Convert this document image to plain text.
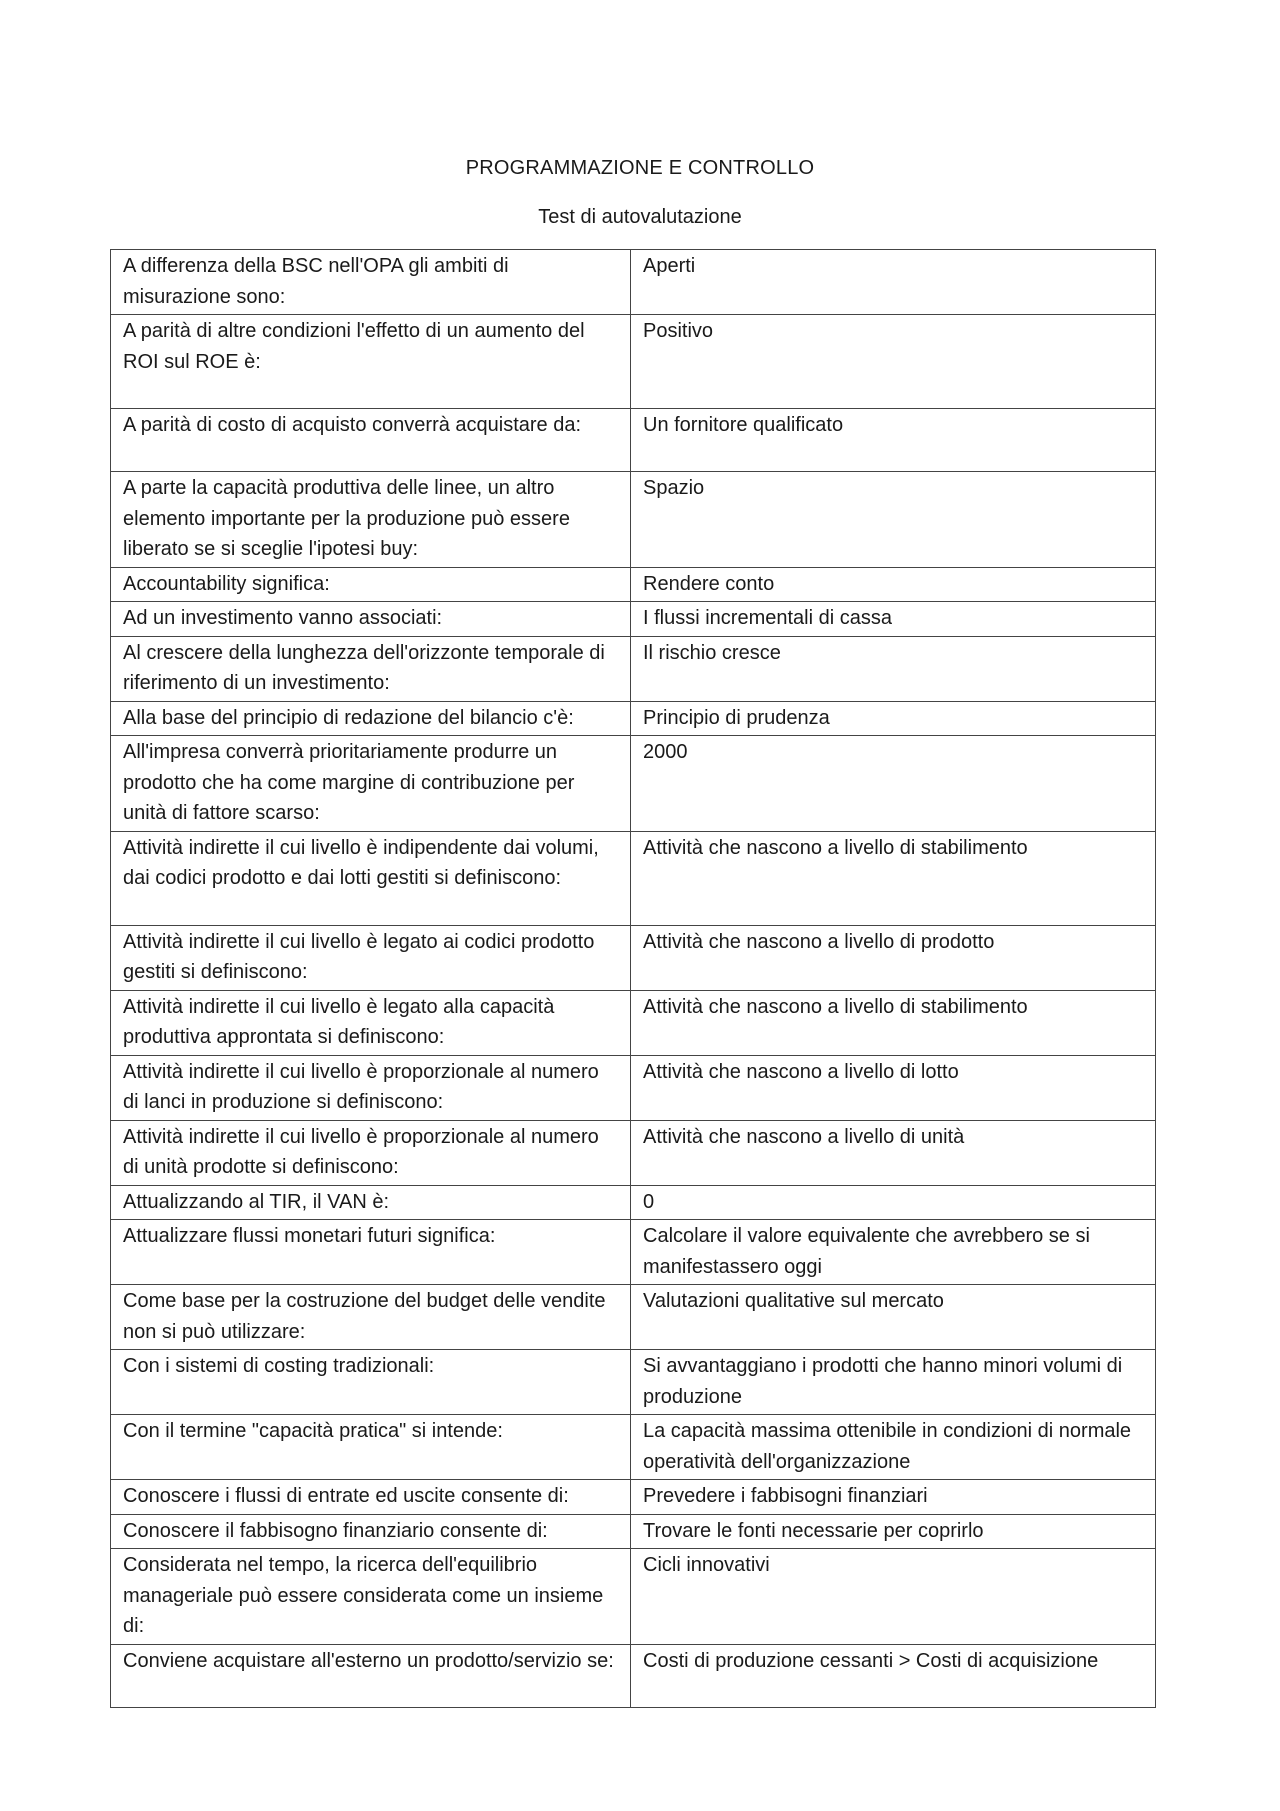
PROGRAMMAZIONE E CONTROLLO
Test di autovalutazione
A differenza della BSC nell'OPA gli ambiti di misurazione sono:	Aperti
A parità di altre condizioni l'effetto di un aumento del ROI sul ROE è:	Positivo
A parità di costo di acquisto converrà acquistare da:	Un fornitore qualificato
A parte la capacità produttiva delle linee, un altro elemento importante per la produzione può essere liberato se si sceglie l'ipotesi buy:	Spazio
Accountability significa:	Rendere conto
Ad un investimento vanno associati:	I flussi incrementali di cassa
Al crescere della lunghezza dell'orizzonte temporale di riferimento di un investimento:	Il rischio cresce
Alla base del principio di redazione del bilancio c'è:	Principio di prudenza
All'impresa converrà prioritariamente produrre un prodotto che ha come margine di contribuzione per unità di fattore scarso:	2000
Attività indirette il cui livello è indipendente dai volumi, dai codici prodotto e dai lotti gestiti si definiscono:	Attività che nascono a livello di stabilimento
Attività indirette il cui livello è legato ai codici prodotto gestiti si definiscono:	Attività che nascono a livello di prodotto
Attività indirette il cui livello è legato alla capacità produttiva approntata si definiscono:	Attività che nascono a livello di stabilimento
Attività indirette il cui livello è proporzionale al numero di lanci in produzione si definiscono:	Attività che nascono a livello di lotto
Attività indirette il cui livello è proporzionale al numero di unità prodotte si definiscono:	Attività che nascono a livello di unità
Attualizzando al TIR, il VAN è:	0
Attualizzare flussi monetari futuri significa:	Calcolare il valore equivalente che avrebbero se si manifestassero oggi
Come base per la costruzione del budget delle vendite non si può utilizzare:	Valutazioni qualitative sul mercato
Con i sistemi di costing tradizionali:	Si avvantaggiano i prodotti che hanno minori volumi di produzione
Con il termine "capacità pratica" si intende:	La capacità massima ottenibile in condizioni di normale operatività dell'organizzazione
Conoscere i flussi di entrate ed uscite consente di:	Prevedere i fabbisogni finanziari
Conoscere il fabbisogno finanziario consente di:	Trovare le fonti necessarie per coprirlo
Considerata nel tempo, la ricerca dell'equilibrio manageriale può essere considerata come un insieme di:	Cicli innovativi
Conviene acquistare all'esterno un prodotto/servizio se:	Costi di produzione cessanti > Costi di acquisizione
